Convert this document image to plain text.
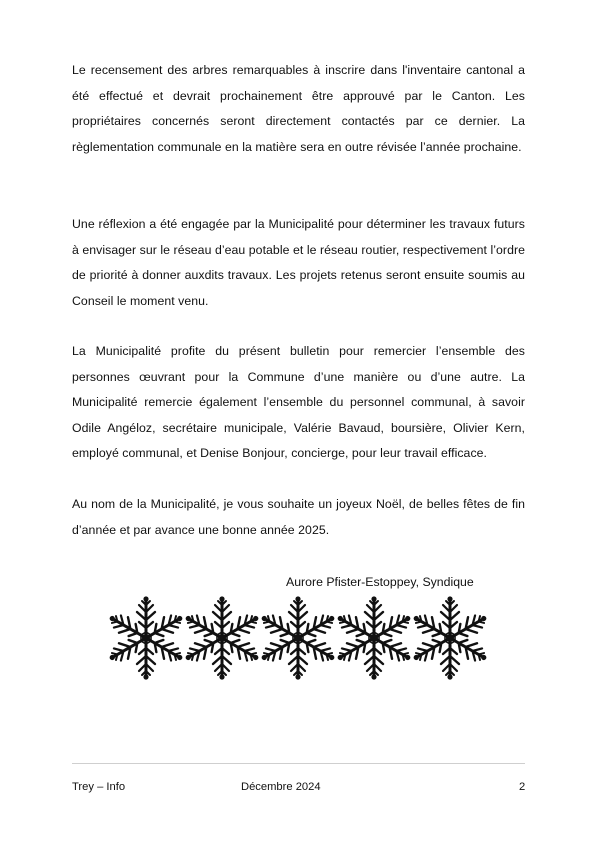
Le recensement des arbres remarquables à inscrire dans l'inventaire cantonal a été effectué et devrait prochainement être approuvé par le Canton. Les propriétaires concernés seront directement contactés par ce dernier. La règlementation communale en la matière sera en outre révisée l’année prochaine.

Une réflexion a été engagée par la Municipalité pour déterminer les travaux futurs à envisager sur le réseau d’eau potable et le réseau routier, respectivement l’ordre de priorité à donner auxdits travaux. Les projets retenus seront ensuite soumis au Conseil le moment venu.

La Municipalité profite du présent bulletin pour remercier l’ensemble des personnes œuvrant pour la Commune d’une manière ou d’une autre. La Municipalité remercie également l’ensemble du personnel communal, à savoir Odile Angéloz, secrétaire municipale, Valérie Bavaud, boursière, Olivier Kern, employé communal, et Denise Bonjour, concierge, pour leur travail efficace.

Au nom de la Municipalité, je vous souhaite un joyeux Noël, de belles fêtes de fin d’année et par avance une bonne année 2025.

Aurore Pfister-Estoppey, Syndique
Trey – Info	Décembre 2024	2
